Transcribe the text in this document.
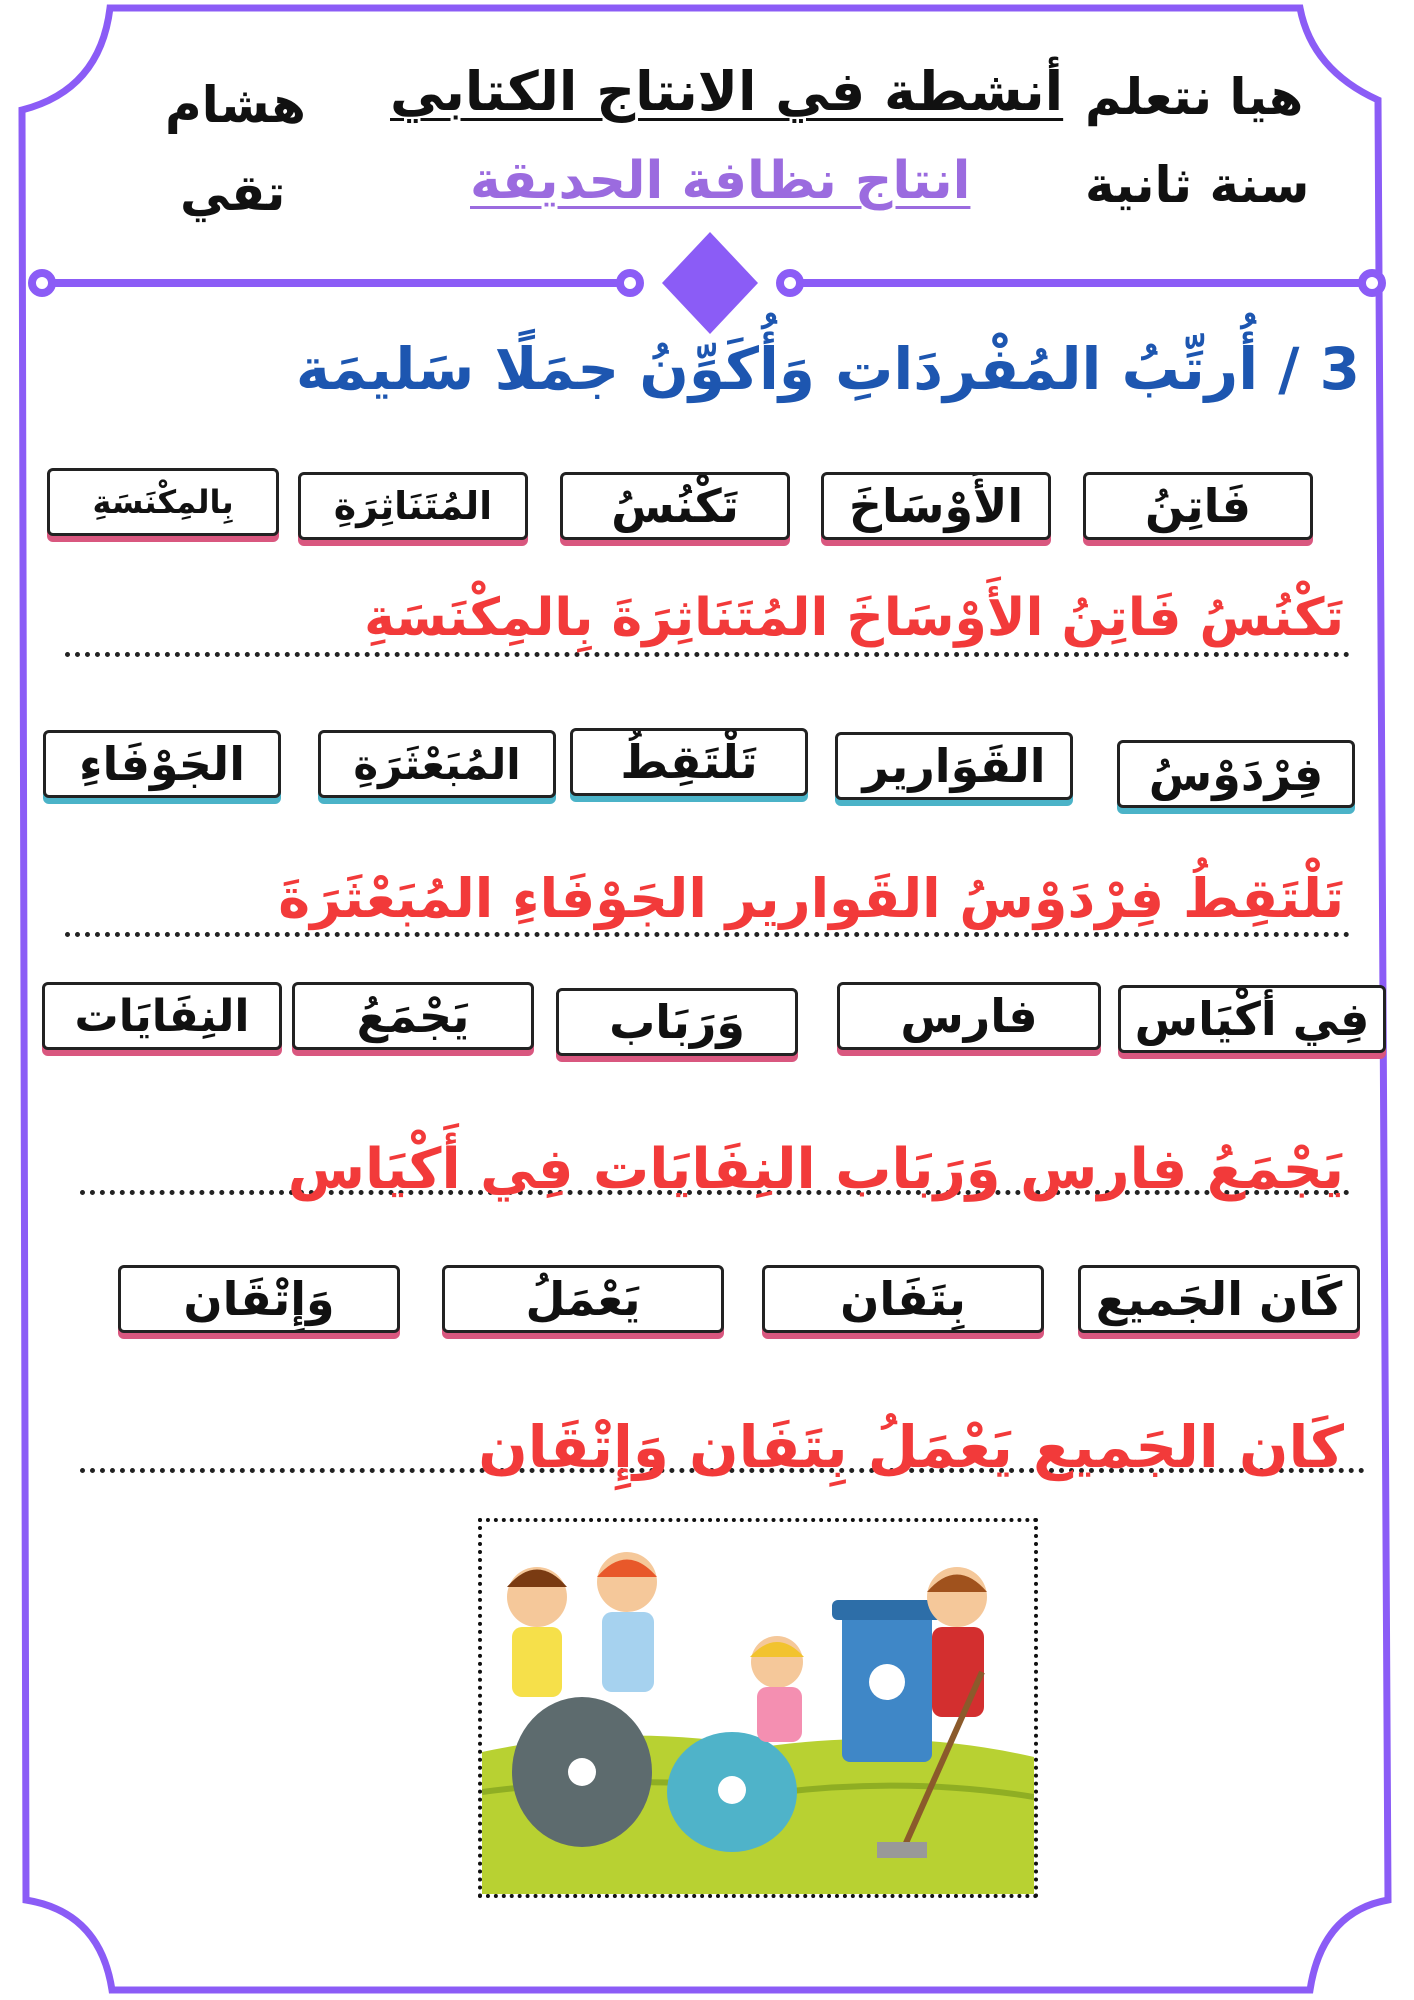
هشام
تقي
أنشطة في الانتاج الكتابي
انتاج نظافة الحديقة
هيا نتعلم
سنة ثانية
3 / أُرتِّبُ المُفْردَاتِ وَأُكَوِّنُ جمَلًا سَليمَة
فَاتِنُ
الأَوْسَاخَ
تَكْنُسُ
المُتَنَاثِرَةِ
بِالمِكْنَسَةِ
تَكْنُسُ فَاتِنُ الأَوْسَاخَ المُتَنَاثِرَةَ بِالمِكْنَسَةِ
فِرْدَوْسُ
القَوَارير
تَلْتَقِطُ
المُبَعْثَرَةِ
الجَوْفَاءِ
تَلْتَقِطُ فِرْدَوْسُ القَوارير الجَوْفَاءِ المُبَعْثَرَةَ
فِي أَكْيَاس
فارس
وَرَبَاب
يَجْمَعُ
النِفَايَات
يَجْمَعُ فارس وَرَبَاب النِفَايَات فِي أَكْيَاس
كَان الجَميع
بِتَفَان
يَعْمَلُ
وَإِتْقَان
كَان الجَميع يَعْمَلُ بِتَفَان وَإِتْقَان
